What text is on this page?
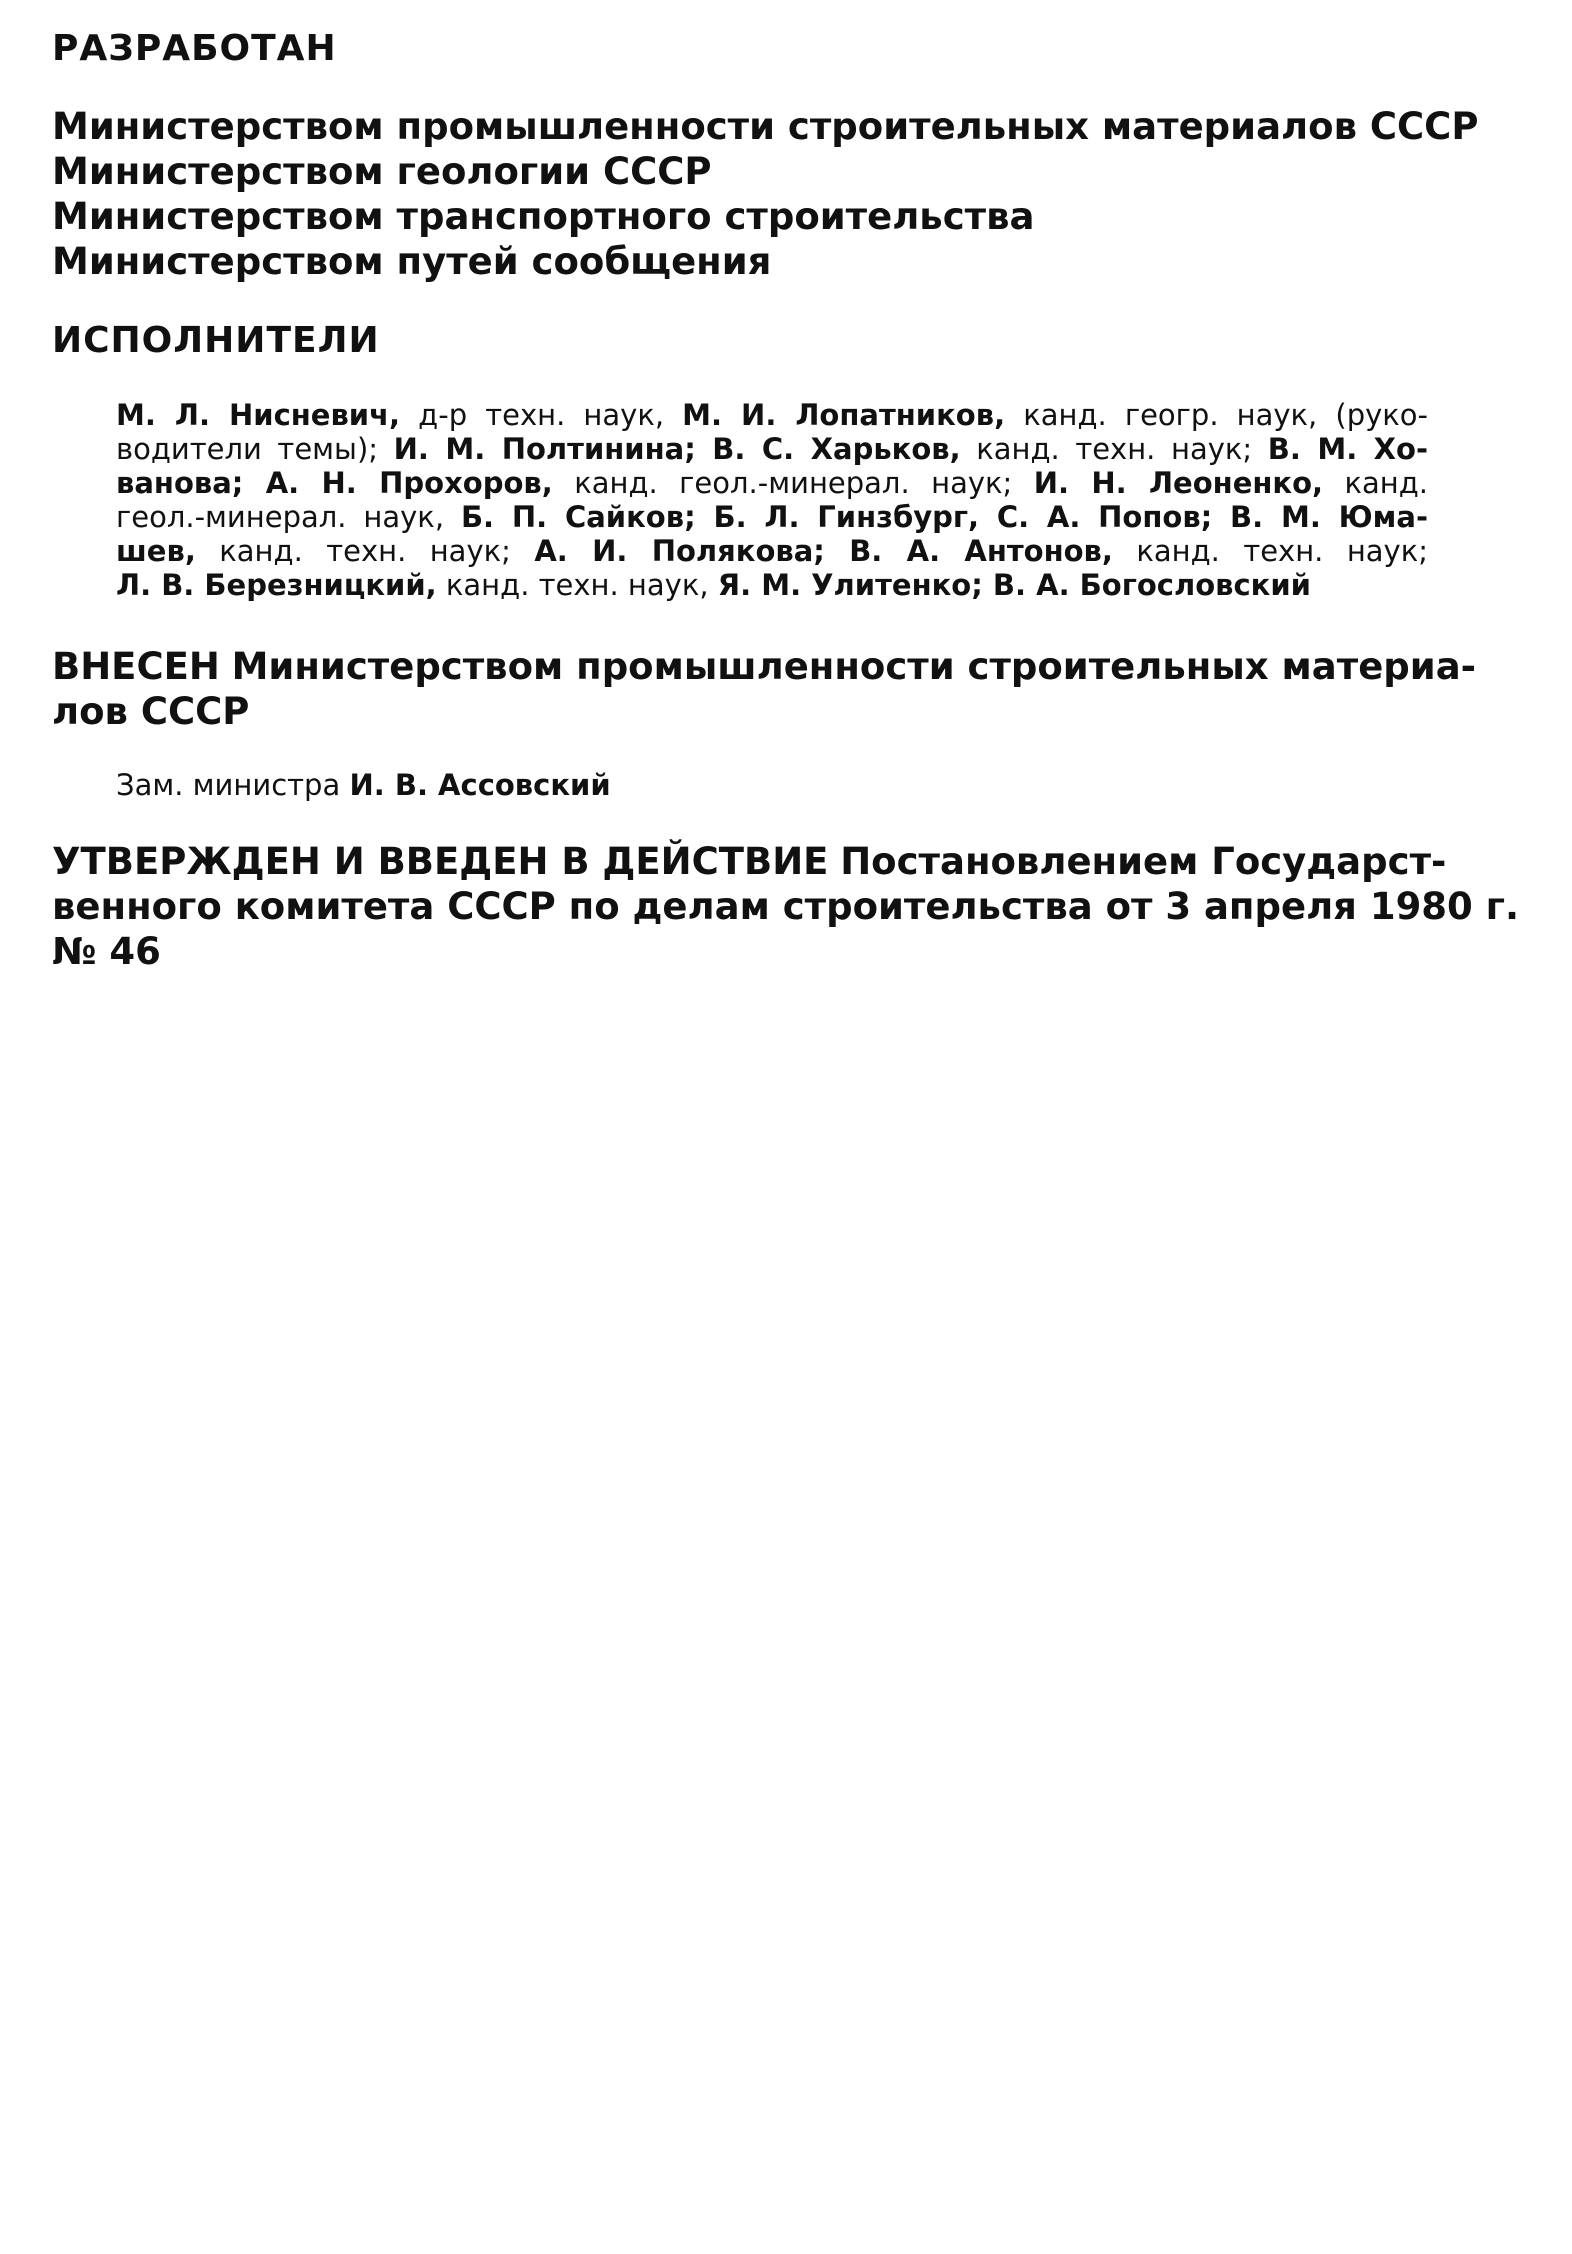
РАЗРАБОТАН
Министерством промышленности строительных материалов СССР
Министерством геологии СССР
Министерством транспортного строительства
Министерством путей сообщения
ИСПОЛНИТЕЛИ
М. Л. Нисневич, д-р техн. наук, М. И. Лопатников, канд. геогр. наук, (руко-
водители темы); И. М. Полтинина; В. С. Харьков, канд. техн. наук; В. М. Хо-
ванова; А. Н. Прохоров, канд. геол.-минерал. наук; И. Н. Леоненко, канд.
геол.-минерал. наук, Б. П. Сайков; Б. Л. Гинзбург, С. А. Попов; В. М. Юма-
шев, канд. техн. наук; А. И. Полякова; В. А. Антонов, канд. техн. наук;
Л. В. Березницкий, канд. техн. наук, Я. М. Улитенко; В. А. Богословский
ВНЕСЕН Министерством промышленности строительных материа-
лов СССР
Зам. министра И. В. Ассовский
УТВЕРЖДЕН И ВВЕДЕН В ДЕЙСТВИЕ Постановлением Государст-
венного комитета СССР по делам строительства от 3 апреля 1980 г.
№ 46
